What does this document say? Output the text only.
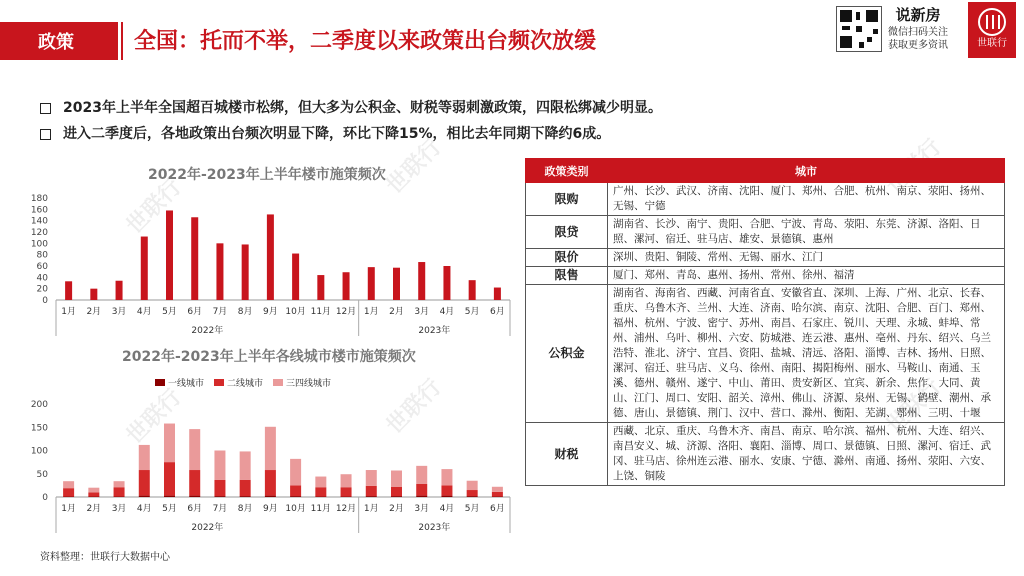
世联行
世联行
世联行	世联行	世联行
政策	全国：托而不举，二季度以来政策出台频次放缓
说新房
微信扫码关注
获取更多资讯	世联行
2023年上半年全国超百城楼市松绑，但大多为公积金、财税等弱刺激政策，四限松绑减少明显。
进入二季度后，各地政策出台频次明显下降，环比下降15%，相比去年同期下降约6成。
2022年-2023年上半年楼市施策频次
0
20
40
60
80
100
120
140
160
180
1月 2月 3月 4月 5月 6月 7月 8月 9月 10月 11月 12月 1月 2月 3月 4月 5月 6月
2022年	2023年
2022年-2023年上半年各线城市楼市施策频次
一线城市	二线城市	三四线城市
0
50
100
150
200
1月 2月 3月 4月 5月 6月 7月 8月 9月 10月 11月 12月 1月 2月 3月 4月 5月 6月
2022年	2023年
政策类别	城市
限购	广州、长沙、武汉、济南、沈阳、厦门、郑州、合肥、杭州、南京、荥阳、扬州、无锡、宁德
限贷	湖南省、长沙、南宁、贵阳、合肥、宁波、青岛、荥阳、东莞、济源、洛阳、日照、漯河、宿迁、驻马店、雄安、景德镇、惠州
限价	深圳、贵阳、铜陵、常州、无锡、丽水、江门
限售	厦门、郑州、青岛、惠州、扬州、常州、徐州、福清
公积金	湖南省、海南省、西藏、河南省直、安徽省直、深圳、上海、广州、北京、长春、重庆、乌鲁木齐、兰州、大连、济南、哈尔滨、南京、沈阳、合肥、百门、郑州、福州、杭州、宁波、密宁、苏州、南昌、石家庄、锐川、天理、永城、蚌埠、常州、浦州、乌叶、柳州、六安、防城港、连云港、惠州、亳州、丹东、绍兴、乌兰浩特、淮北、济宁、宜昌、资阳、盐城、清远、洛阳、淄博、吉林、扬州、日照、漯河、宿迁、驻马店、义乌、徐州、南阳、揭阳梅州、丽水、马鞍山、南通、玉溪、德州、赣州、遂宁、中山、莆田、贵安新区、宜宾、新余、焦作、大同、黄山、江门、周口、安阳、韶关、漳州、佛山、济源、泉州、无锡、鹤壁、潮州、承德、唐山、景德镇、荆门、汉中、营口、滁州、衡阳、芜湖、鄂州、三明、十堰
财税	西藏、北京、重庆、乌鲁木齐、南昌、南京、哈尔滨、福州、杭州、大连、绍兴、南昌安义、城、济源、洛阳、襄阳、淄博、周口、景德镇、日照、漯河、宿迁、武冈、驻马店、徐州连云港、丽水、安康、宁德、滁州、南通、扬州、荥阳、六安、上饶、铜陵
资料整理：世联行大数据中心
